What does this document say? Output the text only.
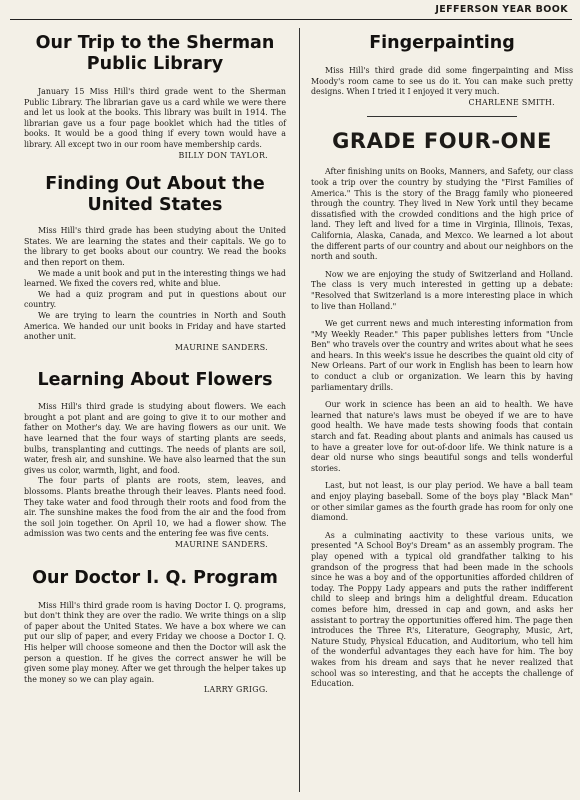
JEFFERSON YEAR BOOK
Our Trip to the Sherman Public Library

January 15 Miss Hill's third grade went to the Sherman Public Library. The librarian gave us a card while we were there and let us look at the books. This library was built in 1914. The librarian gave us a four page booklet which had the titles of books. It would be a good thing if every town would have a library. All except two in our room have membership cards.

BILLY DON TAYLOR.
Finding Out About the United States

Miss Hill's third grade has been studying about the United States. We are learning the states and their capitals. We go to the library to get books about our country. We read the books and then report on them.

We made a unit book and put in the interesting things we had learned. We fixed the covers red, white and blue.

We had a quiz program and put in questions about our country.

We are trying to learn the countries in North and South America. We handed our unit books in Friday and have started another unit.

MAURINE SANDERS.
Learning About Flowers

Miss Hill's third grade is studying about flowers. We each brought a pot plant and are going to give it to our mother and father on Mother's day. We are having flowers as our unit. We have learned that the four ways of starting plants are seeds, bulbs, transplanting and cuttings. The needs of plants are soil, water, fresh air, and sunshine. We have also learned that the sun gives us color, warmth, light, and food.

The four parts of plants are roots, stem, leaves, and blossoms. Plants breathe through their leaves. Plants need food. They take water and food through their roots and food from the air. The sunshine makes the food from the air and the food from the soil join together. On April 10, we had a flower show. The admission was two cents and the entering fee was five cents.

MAURINE SANDERS.
Our Doctor I. Q. Program

Miss Hill's third grade room is having Doctor I. Q. programs, but don't think they are over the radio. We write things on a slip of paper about the United States. We have a box where we can put our slip of paper, and every Friday we choose a Doctor I. Q. His helper will choose someone and then the Doctor will ask the person a question. If he gives the correct answer he will be given some play money. After we get through the helper takes up the money so we can play again.

LARRY GRIGG.
Fingerpainting

Miss Hill's third grade did some fingerpainting and Miss Moody's room came to see us do it. You can make such pretty designs. When I tried it I enjoyed it very much.

CHARLENE SMITH.
GRADE FOUR-ONE

After finishing units on Books, Manners, and Safety, our class took a trip over the country by studying the "First Families of America." This is the story of the Bragg family who pioneered through the country. They lived in New York until they became dissatisfied with the crowded conditions and the high price of land. They left and lived for a time in Virginia, Illinois, Texas, California, Alaska, Canada, and Mexco. We learned a lot about the different parts of our country and about our neighbors on the north and south.

Now we are enjoying the study of Switzerland and Holland. The class is very much interested in getting up a debate: "Resolved that Switzerland is a more interesting place in which to live than Holland."

We get current news and much interesting information from "My Weekly Reader." This paper publishes letters from "Uncle Ben" who travels over the country and writes about what he sees and hears. In this week's issue he describes the quaint old city of New Orleans. Part of our work in English has been to learn how to conduct a club or organization. We learn this by having parliamentary drills.

Our work in science has been an aid to health. We have learned that nature's laws must be obeyed if we are to have good health. We have made tests showing foods that contain starch and fat. Reading about plants and animals has caused us to have a greater love for out-of-door life. We think nature is a dear old nurse who sings beautiful songs and tells wonderful stories.

Last, but not least, is our play period. We have a ball team and enjoy playing baseball. Some of the boys play "Black Man" or other similar games as the fourth grade has room for only one diamond.

As a culminating aactivity to these various units, we presented "A School Boy's Dream" as an assembly program. The play opened with a typical old grandfather talking to his grandson of the progress that had been made in the schools since he was a boy and of the opportunities afforded children of today. The Poppy Lady appears and puts the rather indifferent child to sleep and brings him a delightful dream. Education comes before him, dressed in cap and gown, and asks her assistant to portray the opportunities offered him. The page then introduces the Three R's, Literature, Geography, Music, Art, Nature Study, Physical Education, and Auditorium, who tell him of the wonderful advantages they each have for him. The boy wakes from his dream and says that he never realized that school was so interesting, and that he accepts the challenge of Education.
